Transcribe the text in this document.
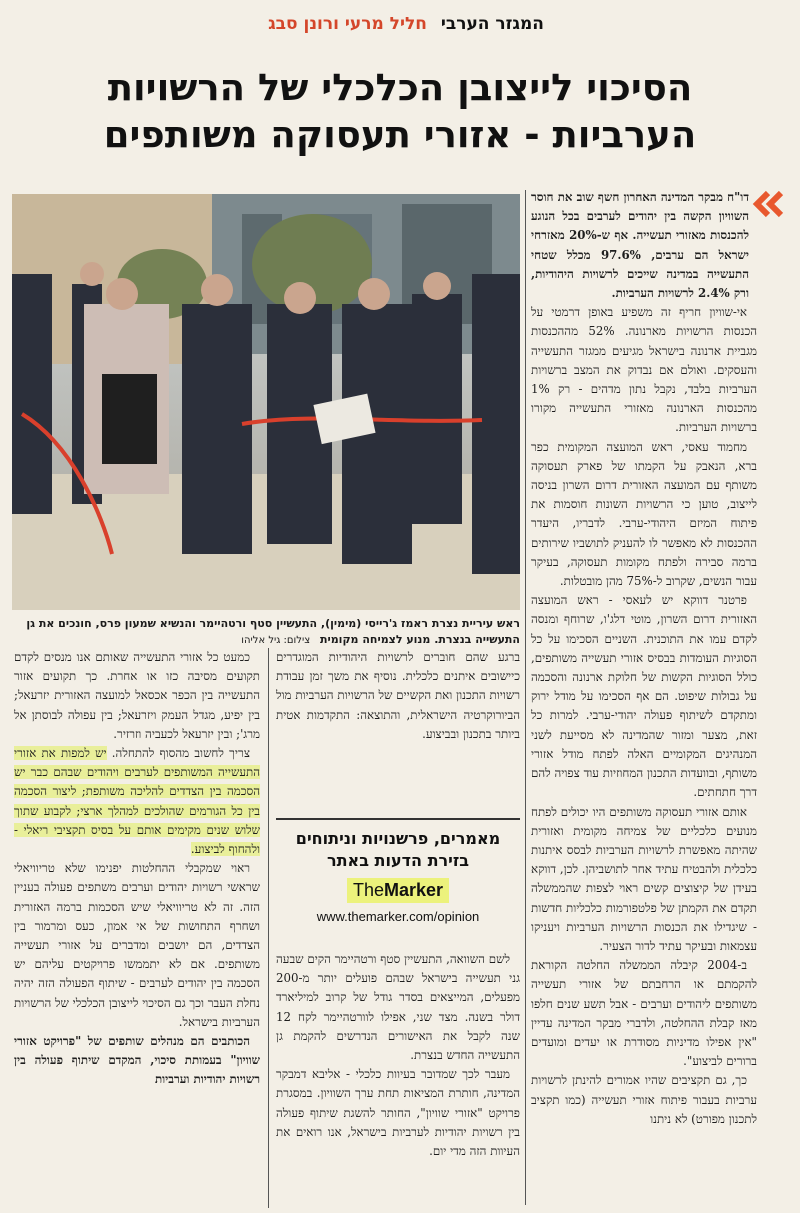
המגזר הערבי חליל מרעי ורונן סבג
הסיכוי לייצובן הכלכלי של הרשויות
הערביות - אזורי תעסוקה משותפים

דו"ח מבקר המדינה האחרון חשף שוב את חוסר השוויון הקשה בין יהודים לערבים בכל הנוגע להכנסות מאזורי תעשייה. אף ש-20% מאזרחי ישראל הם ערבים, 97.6% מכלל שטחי התעשייה במדינה שייכים לרשויות היהודיות, ורק 2.4% לרשויות הערביות.

אי-שוויון חריף זה משפיע באופן דרמטי על הכנסות הרשויות מארנונה. 52% מההכנסות מגביית ארנונה בישראל מגיעים ממגזר התעשייה והעסקים. ואולם אם נבדוק את המצב ברשויות הערביות בלבד, נקבל נתון מדהים - רק 1% מהכנסות הארנונה מאזורי התעשייה מקורו ברשויות הערביות.

מחמוד עאסי, ראש המועצה המקומית כפר ברא, הנאבק על הקמתו של פארק תעסוקה משותף עם המועצה האזורית דרום השרון בניסה לייצוב, טוען כי הרשויות השונות חוסמות את פיתוח המיזם היהודי-ערבי. לדבריו, היעדר ההכנסות לא מאפשר לו להעניק לתושביו שירותים ברמה סבירה ולפתח מקומות תעסוקה, בעיקר עבור הנשים, שקרוב ל-75% מהן מובטלות.

פרטנר דווקא יש לעאסי - ראש המועצה האזורית דרום השרון, מוטי דלג'ו, שרוחף ומנסה לקדם עמו את התוכנית. השניים הסכימו על כל הסוגיות העומדות בבסיס אזורי תעשייה משותפים, כולל הסוגיות הקשות של חלוקת ארנונה והסכמה על גבולות שיפוט. הם אף הסכימו על מודל ירוק ומתקדם לשיתוף פעולה יהודי-ערבי. למרות כל זאת, מצער ומזור שהמדינה לא מסייעת לשני המנהיגים המקומיים האלה לפתח מודל אזורי משותף, ובוועדות התכנון המחוזיות עוד צפויה להם דרך חתחתים.

אותם אזורי תעסוקה משותפים היו יכולים לפתח מנועים כלכליים של צמיחה מקומית ואזורית שהיתה מאפשרת לרשויות הערביות לבסס איתנות כלכלית ולהבטיח עתיד אחר לתושביהן. לכן, דווקא בעידן של קיצוצים קשים ראוי לצפות שהממשלה תקדם את הקמתן של פלטפורמות כלכליות חדשות - שיגדילו את הכנסות הרשויות הערביות ויעניקו עצמאות ובעיקר עתיד לדור הצעיר.

ב-2004 קיבלה הממשלה החלטה הקוראת להקמתם או הרחבתם של אזורי תעשייה משותפים ליהודים וערבים - אבל תשע שנים חלפו מאז קבלת ההחלטה, ולדברי מבקר המדינה עדיין "אין אפילו מדיניות מסודרת או יעדים ומועדים ברורים לביצוע".

כך, גם תקציבים שהיו אמורים להינתן לרשויות ערביות בעבור פיתוח אזורי תעשייה (כמו תקציב לתכנון מפורט) לא ניתנו

ראש עיריית נצרת ראמז ג'רייסי (מימין), התעשיין סטף ורטהיימר והנשיא שמעון פרס, חונכים את גן התעשייה בנצרת. מנוע לצמיחה מקומית צילום: גיל אליהו

ברגע שהם חוברים לרשויות היהודיות המוגדרים כיישובים איתנים כלכלית. נוסיף את משך זמן עבודת רשויות התכנון ואת הקשיים של הרשויות הערביות מול הביורוקרטיה הישראלית, והתוצאה: התקדמות אטית ביותר בתכנון ובביצוע.

לשם השוואה, התעשיין סטף ורטהיימר הקים שבעה גני תעשייה בישראל שבהם פועלים יותר מ-200 מפעלים, המייצאים בסדר גודל של קרוב למיליארד דולר בשנה. מצד שני, אפילו לוורטהיימר לקח 12 שנה לקבל את האישורים הנדרשים להקמת גן התעשייה החדש בנצרת.

מעבר לכך שמדובר בעיוות כלכלי - אליבא דמבקר המדינה, חותרת המציאות תחת ערך השוויון. במסגרת פרויקט "אזורי שוויון", החותר להשגת שיתוף פעולה בין רשויות יהודיות לערביות בישראל, אנו רואים את העיוות הזה מדי יום.

מאמרים, פרשנויות וניתוחים
בזירת הדעות באתר
TheMarker
www.themarker.com/opinion

כמעט כל אזורי התעשייה שאותם אנו מנסים לקדם תקועים מסיבה כזו או אחרת. כך תקועים אזור התעשייה בין הכפר אכסאל למועצה האזורית יזרעאל; בין יפיע, מגדל העמק ויזרעאל; בין עפולה לבוסתן אל מרג'; ובין יזרעאל לכעביה וזרזיר.

צריך לחשוב מהסוף להתחלה. יש למפות את אזורי התעשייה המשותפים לערבים ויהודים שבהם כבר יש הסכמה בין הצדדים להליכה משותפת; ליצור הסכמה בין כל הגורמים שהולכים למהלך ארצי; לקבוע שתוך שלוש שנים מקימים אותם על בסיס תקציבי ריאלי - ולהחוף לביצוע.

ראוי שמקבלי ההחלטות יפנימו שלא טריוויאלי שראשי רשויות יהודים וערבים משתפים פעולה בעניין הזה. זה לא טריוויאלי שיש הסכמות ברמה האזורית ושחרף התחושות של אי אמון, כעס ומרמור בין הצדדים, הם יושבים ומדברים על אזורי תעשייה משותפים. אם לא יתממשו פרויקטים עליהם יש הסכמה בין יהודים לערבים - שיתוף הפעולה הזה יהיה נחלת העבר וכך גם הסיכוי לייצובן הכלכלי של הרשויות הערביות בישראל.

הכותבים הם מנהלים שותפים של "פרויקט אזורי שוויון" בעמותת סיכוי, המקדם שיתוף פעולה בין רשויות יהודיות וערביות
